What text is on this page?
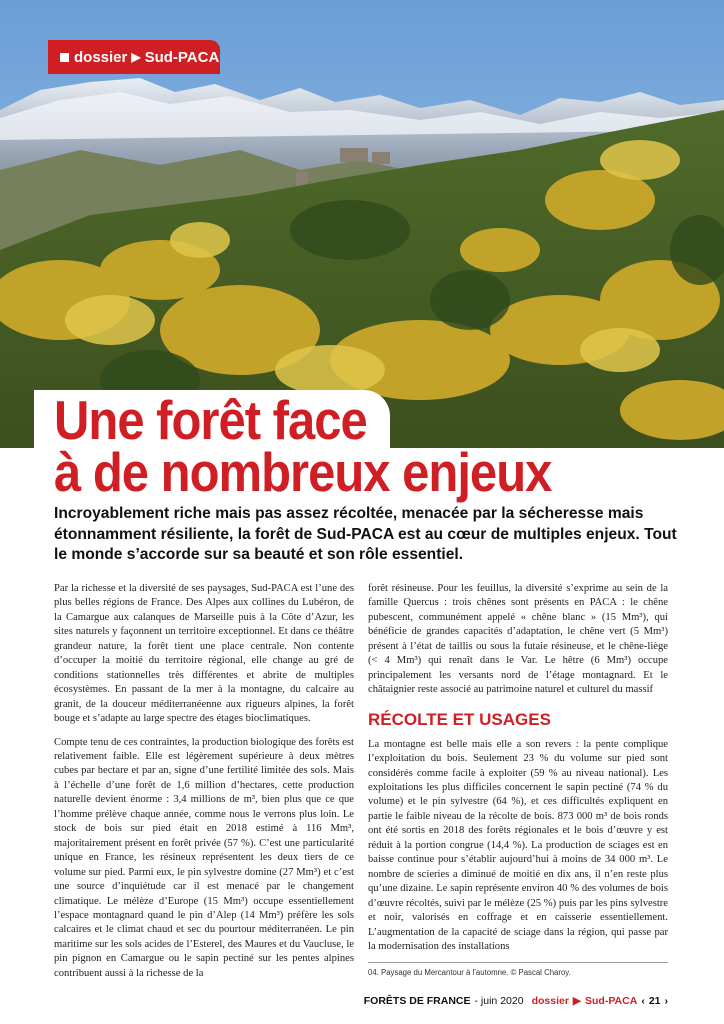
dossier ▶ Sud-PACA
Une forêt face
à de nombreux enjeux
Incroyablement riche mais pas assez récoltée, menacée par la sécheresse mais étonnamment résiliente, la forêt de Sud-PACA est au cœur de multiples enjeux. Tout le monde s’accorde sur sa beauté et son rôle essentiel.

Par la richesse et la diversité de ses paysages, Sud-PACA est l’une des plus belles régions de France. Des Alpes aux collines du Lubéron, de la Camargue aux calanques de Marseille puis à la Côte d’Azur, les sites naturels y façonnent un territoire exceptionnel. Et dans ce théâtre grandeur nature, la forêt tient une place centrale. Non contente d’occuper la moitié du territoire régional, elle change au gré de conditions stationnelles très différentes et abrite de multiples écosystèmes. En passant de la mer à la montagne, du calcaire au granit, de la douceur méditerranéenne aux rigueurs alpines, la forêt bouge et s’adapte au large spectre des étages bioclimatiques.

Compte tenu de ces contraintes, la production biologique des forêts est relativement faible. Elle est légèrement supérieure à deux mètres cubes par hectare et par an, signe d’une fertilité limitée des sols. Mais à l’échelle d’une forêt de 1,6 million d’hectares, cette production naturelle devient énorme : 3,4 millions de m³, bien plus que ce que l’homme prélève chaque année, comme nous le verrons plus loin. Le stock de bois sur pied était en 2018 estimé à 116 Mm³, majoritairement présent en forêt privée (57 %). C’est une particularité unique en France, les résineux représentent les deux tiers de ce volume sur pied. Parmi eux, le pin sylvestre domine (27 Mm³) et c’est une source d’inquiétude car il est menacé par le changement climatique. Le mélèze d’Europe (15 Mm³) occupe essentiellement l’espace montagnard quand le pin d’Alep (14 Mm³) préfère les sols calcaires et le climat chaud et sec du pourtour méditerranéen. Le pin maritime sur les sols acides de l’Esterel, des Maures et du Vaucluse, le pin pignon en Camargue ou le sapin pectiné sur les pentes alpines contribuent aussi à la richesse de la

forêt résineuse. Pour les feuillus, la diversité s’exprime au sein de la famille Quercus : trois chênes sont présents en PACA : le chêne pubescent, communément appelé « chêne blanc » (15 Mm³), qui bénéficie de grandes capacités d’adaptation, le chêne vert (5 Mm³) présent à l’état de taillis ou sous la futaie résineuse, et le chêne-liège (< 4 Mm³) qui renaît dans le Var. Le hêtre (6 Mm³) occupe principalement les versants nord de l’étage montagnard. Et le châtaignier reste associé au patrimoine naturel et culturel du massif

RÉCOLTE ET USAGES

La montagne est belle mais elle a son revers : la pente complique l’exploitation du bois. Seulement 23 % du volume sur pied sont considérés comme facile à exploiter (59 % au niveau national). Les exploitations les plus difficiles concernent le sapin pectiné (74 % du volume) et le pin sylvestre (64 %), et ces difficultés expliquent en partie le faible niveau de la récolte de bois. 873 000 m³ de bois ronds ont été sortis en 2018 des forêts régionales et le bois d’œuvre y est réduit à la portion congrue (14,4 %). La production de sciages est en baisse continue pour s’établir aujourd’hui à moins de 34 000 m³. Le nombre de scieries a diminué de moitié en dix ans, il n’en reste plus qu’une dizaine. Le sapin représente environ 40 % des volumes de bois d’œuvre récoltés, suivi par le mélèze (25 %) puis par les pins sylvestre et noir, valorisés en coffrage et en caisserie essentiellement. L’augmentation de la capacité de sciage dans la région, qui passe par la modernisation des installations

04. Paysage du Mercantour à l’automne. © Pascal Charoy.
FORÊTS DE FRANCE - juin 2020 dossier ▶ Sud-PACA ‹ 21 ›
